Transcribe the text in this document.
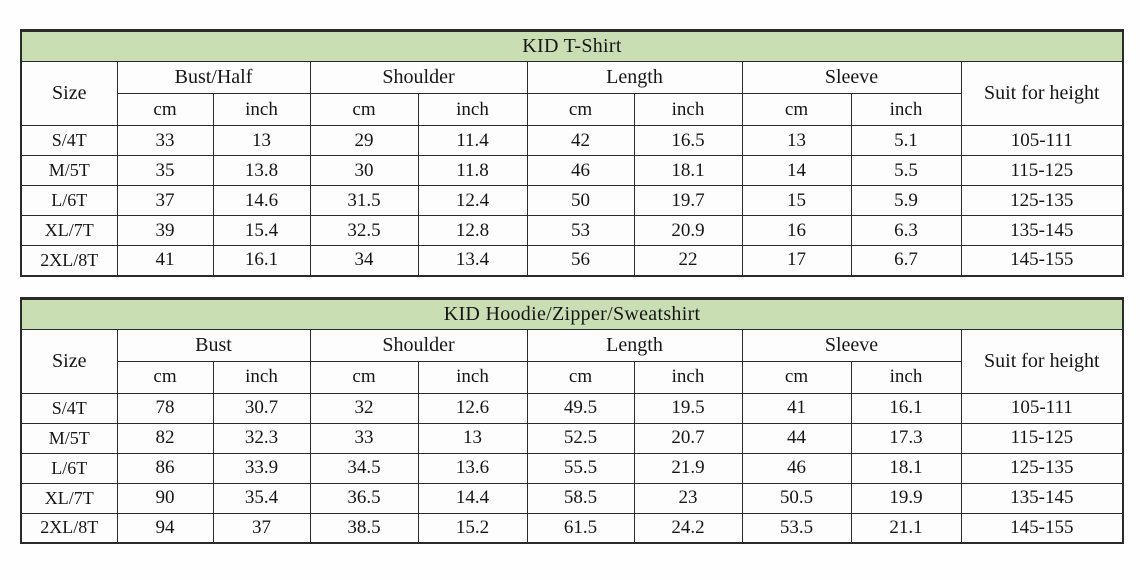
KID T-Shirt									
Size	Bust/Half		Shoulder		Length		Sleeve		Suit for height
	cm	inch	cm	inch	cm	inch	cm	inch	
S/4T	33	13	29	11.4	42	16.5	13	5.1	105-111
M/5T	35	13.8	30	11.8	46	18.1	14	5.5	115-125
L/6T	37	14.6	31.5	12.4	50	19.7	15	5.9	125-135
XL/7T	39	15.4	32.5	12.8	53	20.9	16	6.3	135-145
2XL/8T	41	16.1	34	13.4	56	22	17	6.7	145-155
KID Hoodie/Zipper/Sweatshirt									
Size	Bust		Shoulder		Length		Sleeve		Suit for height
	cm	inch	cm	inch	cm	inch	cm	inch	
S/4T	78	30.7	32	12.6	49.5	19.5	41	16.1	105-111
M/5T	82	32.3	33	13	52.5	20.7	44	17.3	115-125
L/6T	86	33.9	34.5	13.6	55.5	21.9	46	18.1	125-135
XL/7T	90	35.4	36.5	14.4	58.5	23	50.5	19.9	135-145
2XL/8T	94	37	38.5	15.2	61.5	24.2	53.5	21.1	145-155
